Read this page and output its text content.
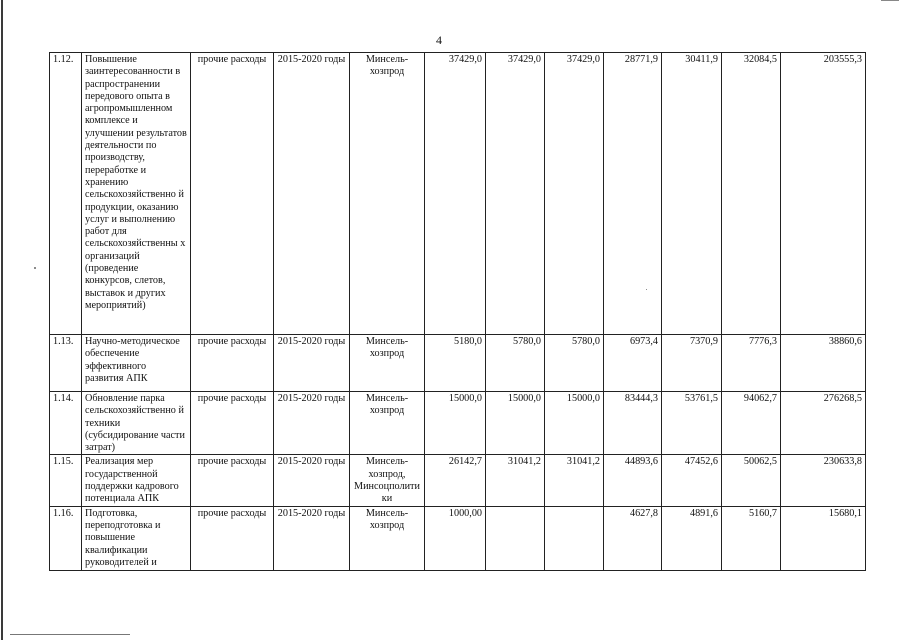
4
1.12.	Повышение заинтересованности в распространении передового опыта в агропромышленном комплексе и улучшении результатов деятельности по производству, переработке и хранению сельскохозяйственно й продукции, оказанию услуг и выполнению работ для сельскохозяйственны х организаций (проведение конкурсов, слетов, выставок и других мероприятий)	прочие расходы	2015-2020 годы	Минсель-хозпрод	37429,0	37429,0	37429,0	28771,9	30411,9	32084,5	203555,3
1.13.	Научно-методическое обеспечение эффективного развития АПК	прочие расходы	2015-2020 годы	Минсель-хозпрод	5180,0	5780,0	5780,0	6973,4	7370,9	7776,3	38860,6
1.14.	Обновление парка сельскохозяйственно й техники (субсидирование части затрат)	прочие расходы	2015-2020 годы	Минсель-хозпрод	15000,0	15000,0	15000,0	83444,3	53761,5	94062,7	276268,5
1.15.	Реализация мер государственной поддержки кадрового потенциала АПК	прочие расходы	2015-2020 годы	Минсель-хозпрод, Минсоцполити ки	26142,7	31041,2	31041,2	44893,6	47452,6	50062,5	230633,8
1.16.	Подготовка, переподготовка и повышение квалификации руководителей и	прочие расходы	2015-2020 годы	Минсель-хозпрод	1000,00			4627,8	4891,6	5160,7	15680,1
